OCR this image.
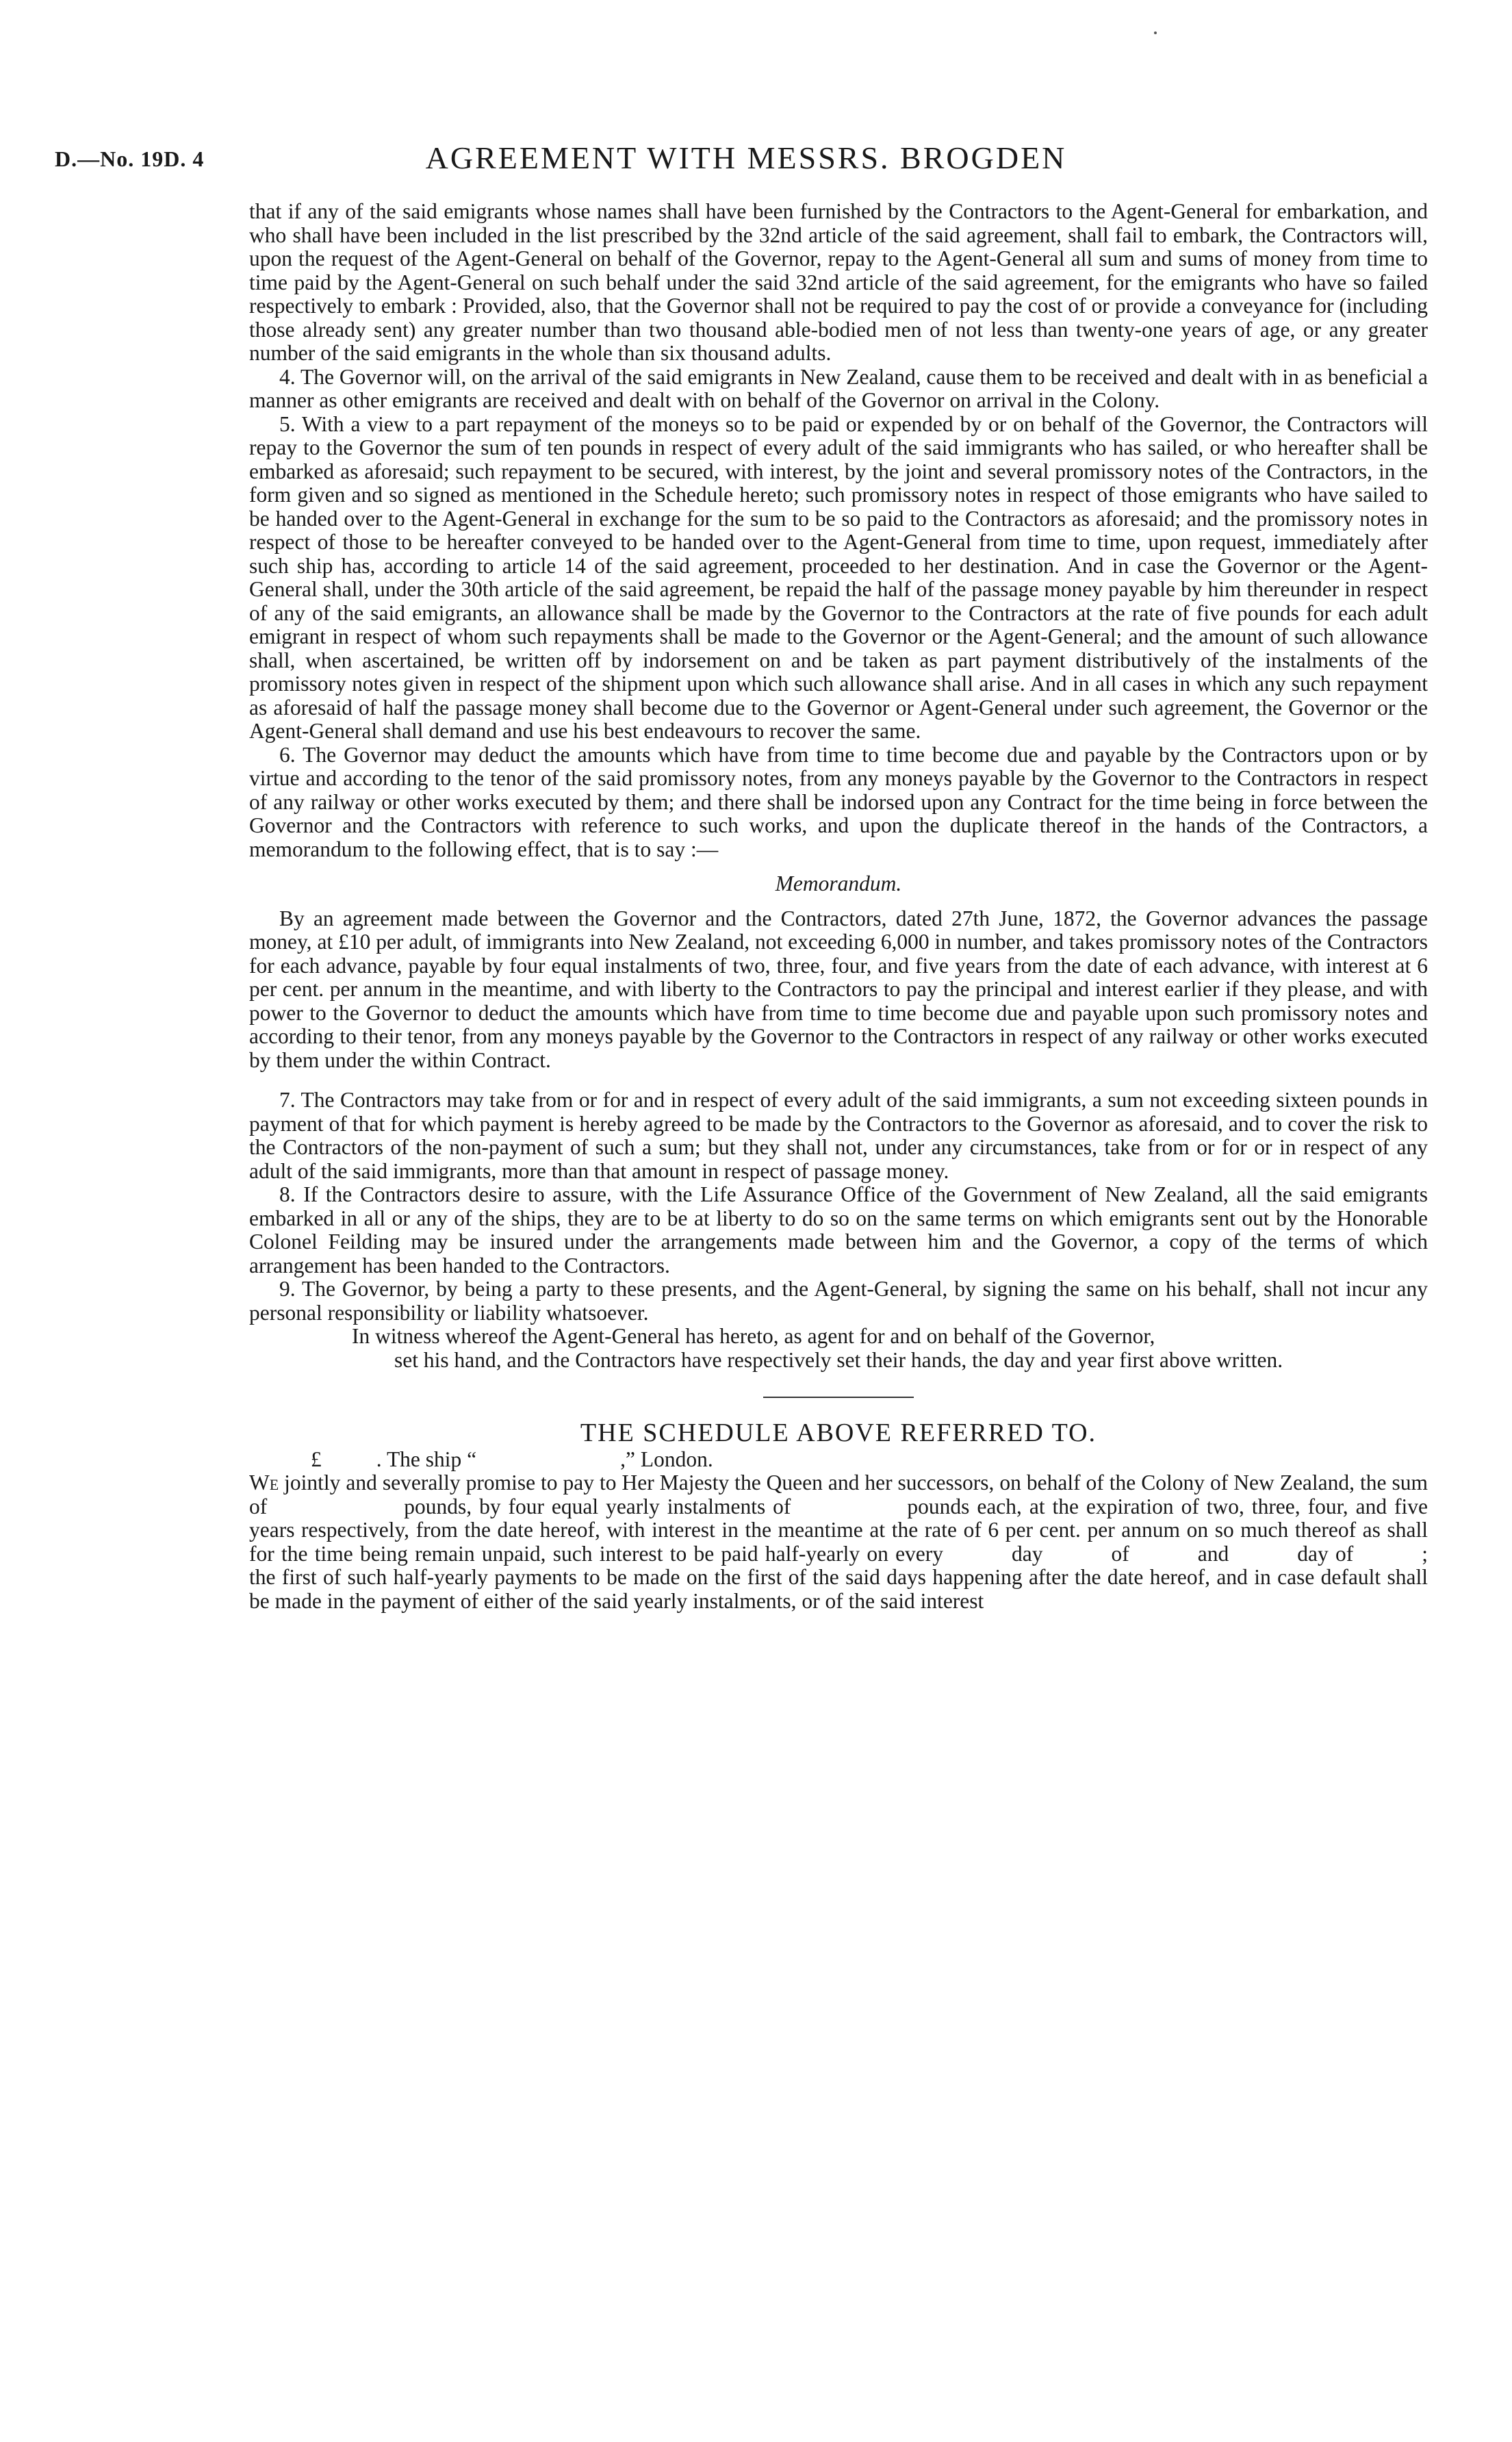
D.—No. 19D. 4	AGREEMENT WITH MESSRS. BROGDEN

that if any of the said emigrants whose names shall have been furnished by the Contractors to the Agent-General for embarkation, and who shall have been included in the list prescribed by the 32nd article of the said agreement, shall fail to embark, the Contractors will, upon the request of the Agent-General on behalf of the Governor, repay to the Agent-General all sum and sums of money from time to time paid by the Agent-General on such behalf under the said 32nd article of the said agreement, for the emigrants who have so failed respectively to embark : Provided, also, that the Governor shall not be required to pay the cost of or provide a conveyance for (including those already sent) any greater number than two thousand able-bodied men of not less than twenty-one years of age, or any greater number of the said emigrants in the whole than six thousand adults.

4. The Governor will, on the arrival of the said emigrants in New Zealand, cause them to be received and dealt with in as beneficial a manner as other emigrants are received and dealt with on behalf of the Governor on arrival in the Colony.

5. With a view to a part repayment of the moneys so to be paid or expended by or on behalf of the Governor, the Contractors will repay to the Governor the sum of ten pounds in respect of every adult of the said immigrants who has sailed, or who hereafter shall be embarked as aforesaid; such repayment to be secured, with interest, by the joint and several promissory notes of the Contractors, in the form given and so signed as mentioned in the Schedule hereto; such promissory notes in respect of those emigrants who have sailed to be handed over to the Agent-General in exchange for the sum to be so paid to the Contractors as aforesaid; and the promissory notes in respect of those to be hereafter conveyed to be handed over to the Agent-General from time to time, upon request, immediately after such ship has, according to article 14 of the said agreement, proceeded to her destination. And in case the Governor or the Agent-General shall, under the 30th article of the said agreement, be repaid the half of the passage money payable by him thereunder in respect of any of the said emigrants, an allowance shall be made by the Governor to the Contractors at the rate of five pounds for each adult emigrant in respect of whom such repayments shall be made to the Governor or the Agent-General; and the amount of such allowance shall, when ascertained, be written off by indorsement on and be taken as part payment distributively of the instalments of the promissory notes given in respect of the shipment upon which such allowance shall arise. And in all cases in which any such repayment as aforesaid of half the passage money shall become due to the Governor or Agent-General under such agreement, the Governor or the Agent-General shall demand and use his best endeavours to recover the same.

6. The Governor may deduct the amounts which have from time to time become due and payable by the Contractors upon or by virtue and according to the tenor of the said promissory notes, from any moneys payable by the Governor to the Contractors in respect of any railway or other works executed by them; and there shall be indorsed upon any Contract for the time being in force between the Governor and the Contractors with reference to such works, and upon the duplicate thereof in the hands of the Contractors, a memorandum to the following effect, that is to say :—

Memorandum.

By an agreement made between the Governor and the Contractors, dated 27th June, 1872, the Governor advances the passage money, at £10 per adult, of immigrants into New Zealand, not exceeding 6,000 in number, and takes promissory notes of the Contractors for each advance, payable by four equal instalments of two, three, four, and five years from the date of each advance, with interest at 6 per cent. per annum in the meantime, and with liberty to the Contractors to pay the principal and interest earlier if they please, and with power to the Governor to deduct the amounts which have from time to time become due and payable upon such promissory notes and according to their tenor, from any moneys payable by the Governor to the Contractors in respect of any railway or other works executed by them under the within Contract.

7. The Contractors may take from or for and in respect of every adult of the said immigrants, a sum not exceeding sixteen pounds in payment of that for which payment is hereby agreed to be made by the Contractors to the Governor as aforesaid, and to cover the risk to the Contractors of the non-payment of such a sum; but they shall not, under any circumstances, take from or for or in respect of any adult of the said immigrants, more than that amount in respect of passage money.

8. If the Contractors desire to assure, with the Life Assurance Office of the Government of New Zealand, all the said emigrants embarked in all or any of the ships, they are to be at liberty to do so on the same terms on which emigrants sent out by the Honorable Colonel Feilding may be insured under the arrangements made between him and the Governor, a copy of the terms of which arrangement has been handed to the Contractors.

9. The Governor, by being a party to these presents, and the Agent-General, by signing the same on his behalf, shall not incur any personal responsibility or liability whatsoever.

In witness whereof the Agent-General has hereto, as agent for and on behalf of the Governor,
set his hand, and the Contractors have respectively set their hands, the day and year first above written.

THE SCHEDULE ABOVE REFERRED TO.

£	. The ship “	,” London.

We jointly and severally promise to pay to Her Majesty the Queen and her successors, on behalf of the Colony of New Zealand, the sum of	pounds, by four equal yearly instalments of	pounds each, at the expiration of two, three, four, and five years respectively, from the date hereof, with interest in the meantime at the rate of 6 per cent. per annum on so much thereof as shall for the time being remain unpaid, such interest to be paid half-yearly on every	day	of	and	day of	; the first of such half-yearly payments to be made on the first of the said days happening after the date hereof, and in case default shall be made in the payment of either of the said yearly instalments, or of the said interest
